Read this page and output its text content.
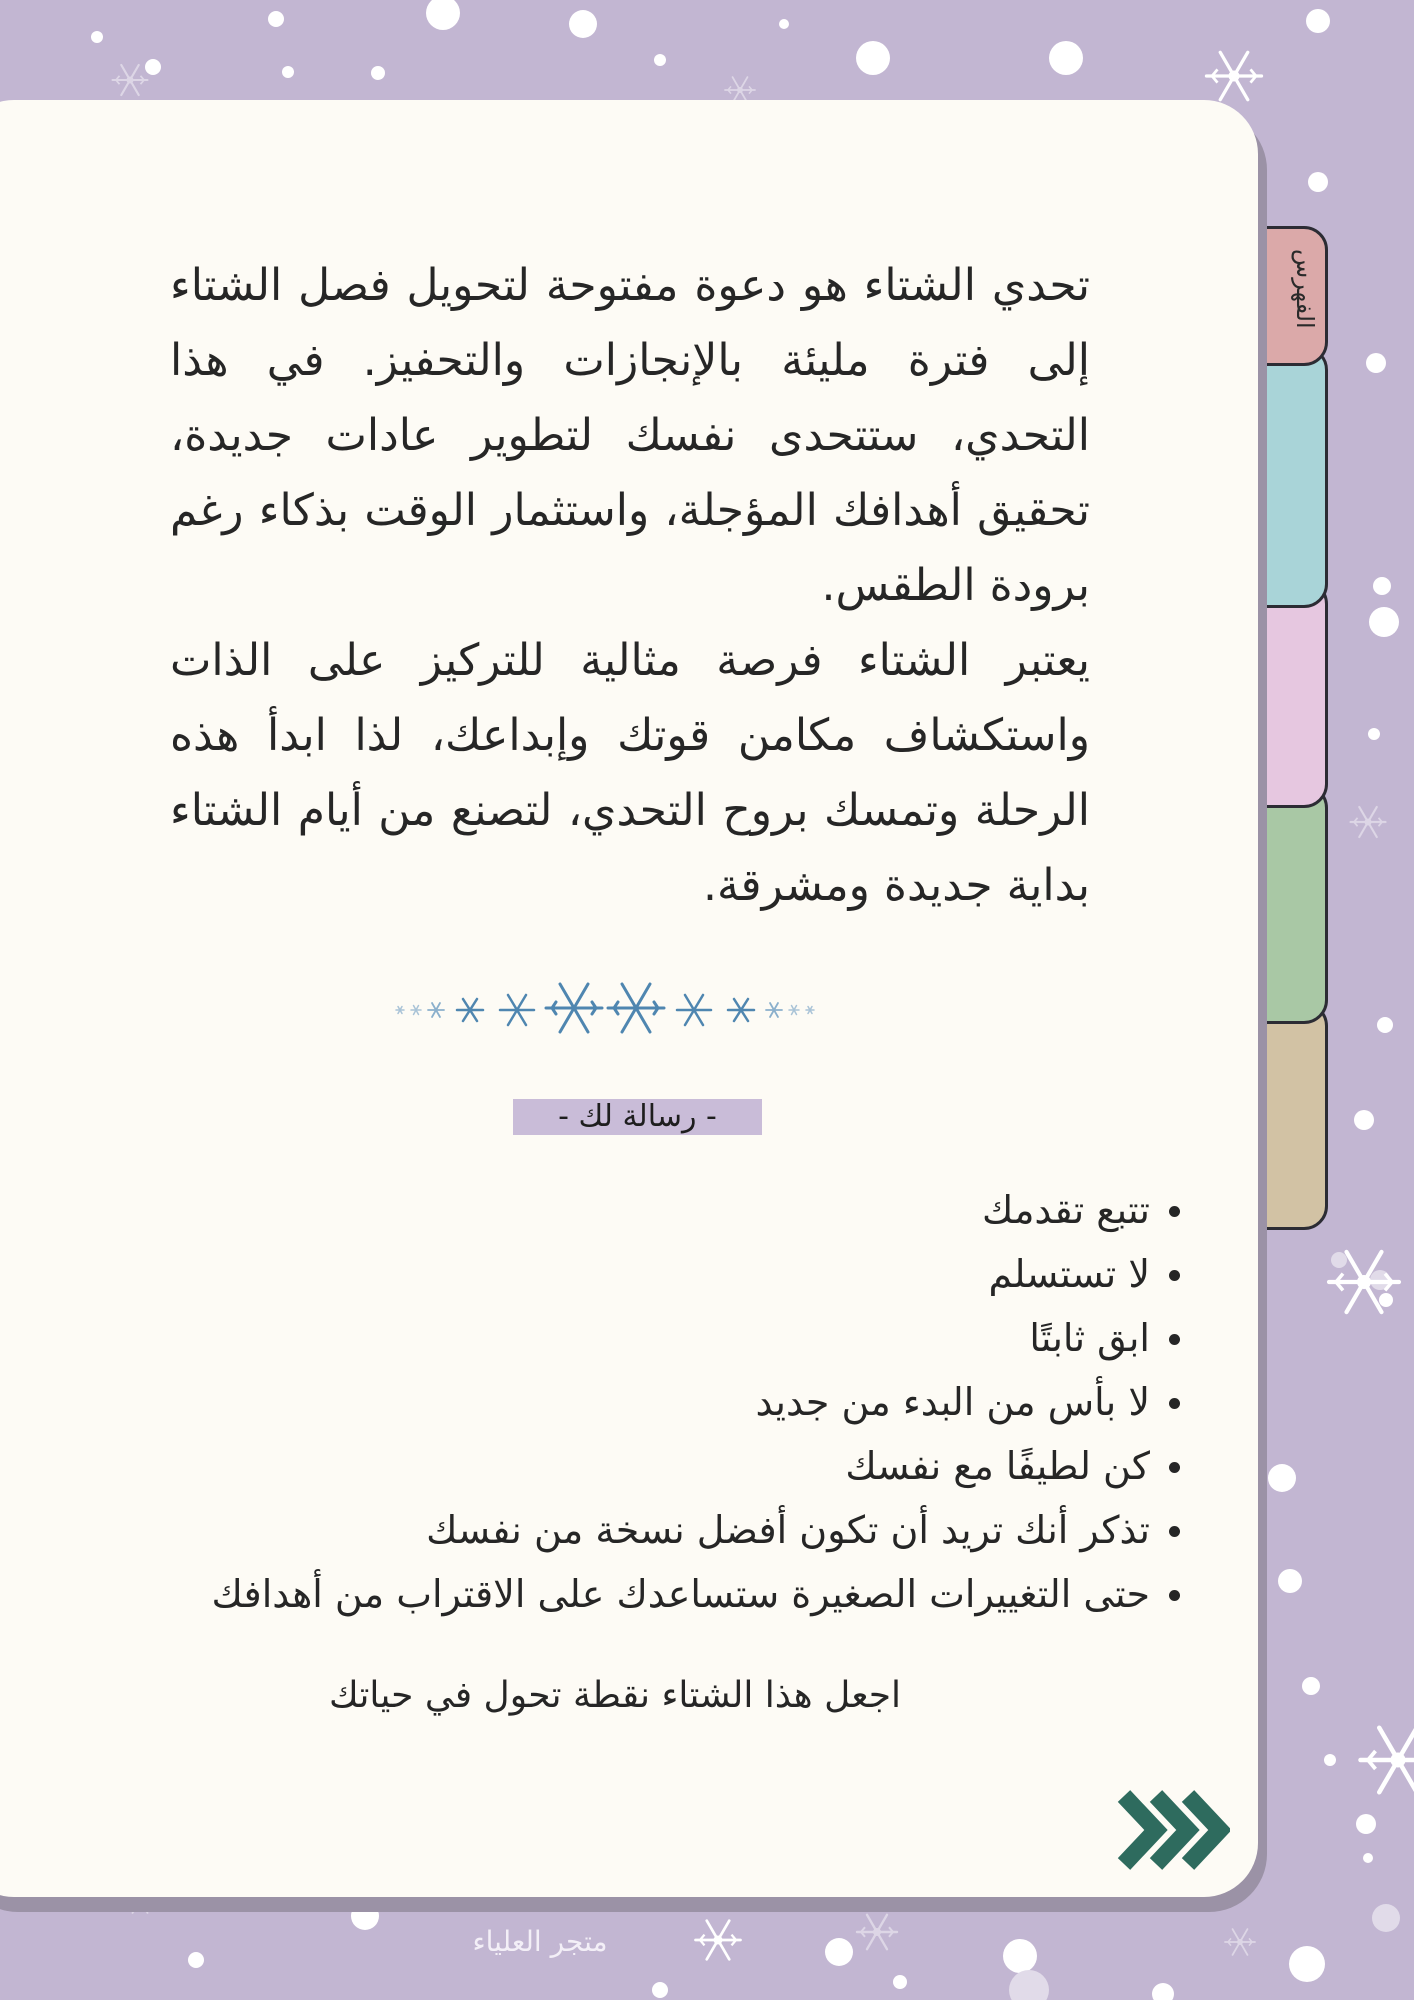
الفهرس

تحدي الشتاء هو دعوة مفتوحة لتحويل فصل الشتاء إلى فترة مليئة بالإنجازات والتحفيز. في هذا التحدي، ستتحدى نفسك لتطوير عادات جديدة، تحقيق أهدافك المؤجلة، واستثمار الوقت بذكاء رغم برودة الطقس.

يعتبر الشتاء فرصة مثالية للتركيز على الذات واستكشاف مكامن قوتك وإبداعك، لذا ابدأ هذه الرحلة وتمسك بروح التحدي، لتصنع من أيام الشتاء بداية جديدة ومشرقة.

- رسالة لك -
تتبع تقدمك
لا تستسلم
ابق ثابتًا
لا بأس من البدء من جديد
كن لطيفًا مع نفسك
تذكر أنك تريد أن تكون أفضل نسخة من نفسك
حتى التغييرات الصغيرة ستساعدك على الاقتراب من أهدافك
اجعل هذا الشتاء نقطة تحول في حياتك
متجر العلياء
